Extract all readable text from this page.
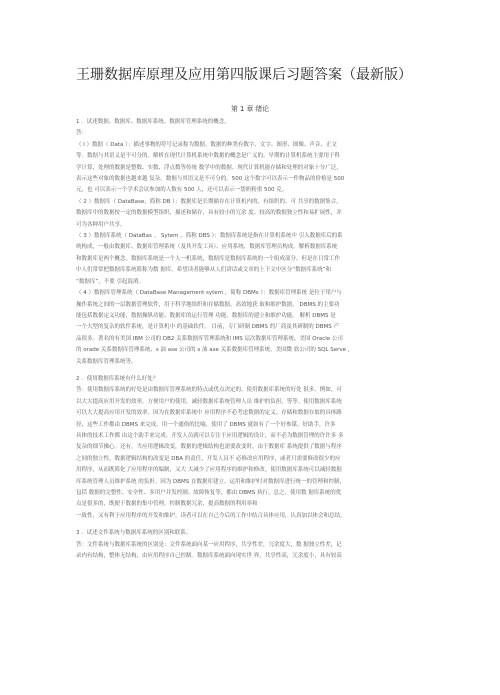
王珊数据库原理及应用第四版课后习题答案（最新版）
第 1 章 绪论

1 ．试述数据、数据库、数据库系统、数据库管理系统的概念。

答：

（ l ）数据（ Data ）：描述事物的符号记录称为数据。数据的种类有数字、文字、图形、图像、声音、正文

等。数据与其语义是不可分的。解析在现代计算机系统中数据的概念是广义的。早期的计算机系统主要用于科

学计算，处理的数据是整数、实数、浮点数等传统 数学中的数据。现代计算机能存储和处理的对象十分广泛，

表示这些对象的数据也越来越 复杂。数据与其语义是不可分的。500 这个数字可以表示一件物品的价格是 500

元，也 可以表示一个学术会议参加的人数有 500 人，还可以表示一袋奶粉重 500 克。

（ 2 ）数据库（ DataBase，简称 DB ）：数据库是长期储存在计算机内的、有组织的、可 共享的数据集合。

数据库中的数据按一定的数据模型组织、描述和储存，具有较小的冗余 度、较高的数据独立性和易扩展性，并

可为各种用户共享。

（ 3 ）数据库系统（ DataBas 。 Sytem ，简称 DBS ）：数据库系统是指在计算机系统中 引入数据库后的系

统构成，一般由数据库、数据库管理系统（及其开发工具）、应用系统、数据库管理员构成。解析数据库系统

和数据库是两个概念。数据库系统是一个人一机系统，数据库是数据库系统的一个组成部分。但是在日常工作

中人们常常把数据库系统简称为数 据库。希望读者能够从人们讲话或文章的上下文中区分“数据库系统”和

“数据库”，不要 引起混淆。

（ 4 ）数据库管理系统（ DataBase Management sytem ，简称 DBMs ）：数据库管理系统 是位于用户与

操作系统之间的一层数据管理软件，用于科学地组织和存储数据、高效地获 取和维护数据。 DBMS 的主要功

能包括数据定义功能、数据操纵功能、数据库的运行管理 功能、数据库的建立和维护功能。 解析 DBMS 是

一个大型的复杂的软件系统，是计算机中 的基础软件。 目前，专门研制 DBMS 的厂商及其研制的 DBMS 产

品很多。著名的有美国 IBM 公司的 DB2 关系数据库管理系统和 IMS 层次数据库管理系统、美国 Oracle 公司

的 orade 关系数据库管理系统、s 油 ase 公司的 s 油 ase 关系数据库管理系统、美国微 软公司的 SQL Serve ，

关系数据库管理系统等。

2 ．使用数据库系统有什么好处？

答：使用数据库系统的好处是由数据库管理系统的特点或优点决定的。使用数据库系统的好处 很多，例如，可

以大大提高应用开发的效率，方便用户的使用，减轻数据库系统管理人员 维护的负担，等等。使用数据库系统

可以大大提高应用开发的效率。因为在数据库系统中 应用程序不必考虑数据的定义、存储和数据存取的具体路

径，这些工作都由 DBMS 来完成。用一个通俗的比喻，使用了 DBMS 就如有了一个好参谋、好助手，许多

具体的技术工作都 由这个助手来完成。开发人员就可以专注于应用逻辑的设计，而不必为数据管理的许许多 多

复杂的细节操心。还有，当应用逻辑改变，数据的逻辑结构也需要改变时，由于数据库 系统提供了数据与程序

之间的独立性，数据逻辑结构的改变是 DBA 的责任，开发人员不 必修改应用程序，或者只需要修改很少的应

用程序，从而既简化了应用程序的编制，又大 大减少了应用程序的维护和修改。使用数据库系统可以减轻数据

库系统管理人员维护系统 的负担。因为 DBMS 在数据库建立、运用和维护时对数据库进行统一的管理和控制，

包括 数据的完整性、安全性、多用户并发控制、故障恢复等，都由 DBMS 执行。总之，使用数 据库系统的优

点是很多的，既便于数据的集中管理，控制数据冗余，提高数据的利用率和

一致性，又有利于应用程序的开发和维护。读者可以在自己今后的工作中结合具体应用，认真加以体会和总结。

3 ．试述文件系统与数据库系统的区别和联系。

答：文件系统与数据库系统的区别是：文件系统面向某一应用程序，共享性差，冗余度大，数 据独立性差，记

录内有结构，整体无结构，由应用程序自己控制。数据库系统面向现实世 界，共享性高，冗余度小，具有较高
